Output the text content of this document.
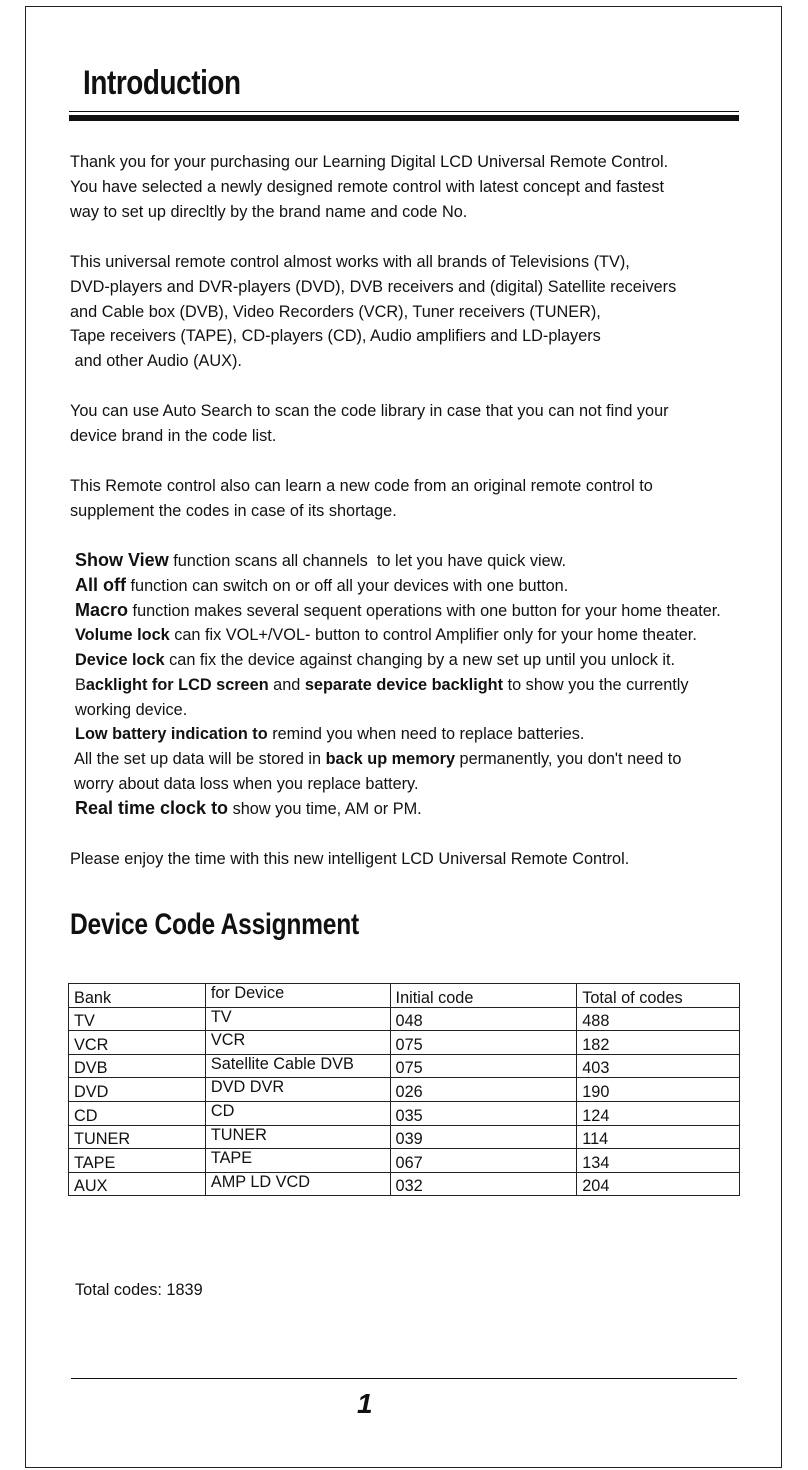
Introduction

Thank you for your purchasing our Learning Digital LCD Universal Remote Control.
You have selected a newly designed remote control with latest concept and fastest
way to set up direcltly by the brand name and code No.

This universal remote control almost works with all brands of Televisions (TV),
DVD-players and DVR-players (DVD), DVB receivers and (digital) Satellite receivers
and Cable box (DVB), Video Recorders (VCR), Tuner receivers (TUNER),
Tape receivers (TAPE), CD-players (CD), Audio amplifiers and LD-players
and other Audio (AUX).

You can use Auto Search to scan the code library in case that you can not find your
device brand in the code list.

This Remote control also can learn a new code from an original remote control to
supplement the codes in case of its shortage.

Show View function scans all channels  to let you have quick view.

All off function can switch on or off all your devices with one button.

Macro function makes several sequent operations with one button for your home theater.

Volume lock can fix VOL+/VOL- button to control Amplifier only for your home theater.

Device lock can fix the device against changing by a new set up until you unlock it.

Backlight for LCD screen and separate device backlight to show you the currently
working device.

Low battery indication to remind you when need to replace batteries.

All the set up data will be stored in back up memory permanently, you don't need to
worry about data loss when you replace battery.

Real time clock to show you time, AM or PM.

Please enjoy the time with this new intelligent LCD Universal Remote Control.

Device Code Assignment
Bank	for Device	Initial code	Total of codes
TV	TV	048	488
VCR	VCR	075	182
DVB	Satellite Cable DVB	075	403
DVD	DVD DVR	026	190
CD	CD	035	124
TUNER	TUNER	039	114
TAPE	TAPE	067	134
AUX	AMP LD VCD	032	204

Total codes: 1839

1
